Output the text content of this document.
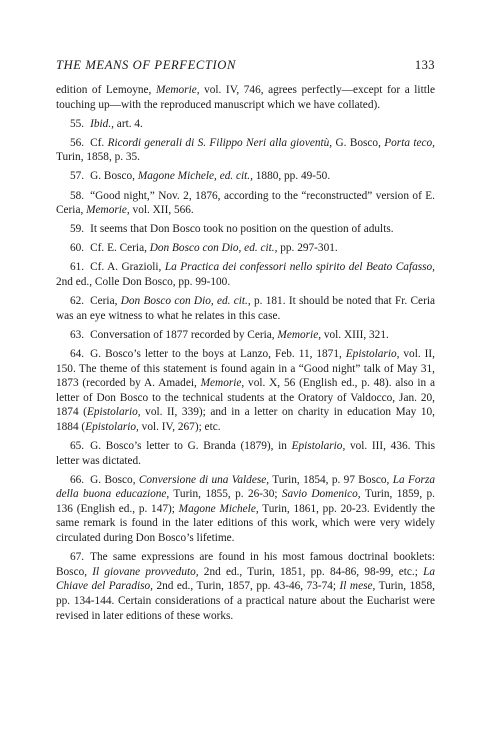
THE MEANS OF PERFECTION	133

edition of Lemoyne, Memorie, vol. IV, 746, agrees perfectly—except for a little touching up—with the reproduced manuscript which we have collated).

55. Ibid., art. 4.

56. Cf. Ricordi generali di S. Filippo Neri alla gioventù, G. Bosco, Porta teco, Turin, 1858, p. 35.

57. G. Bosco, Magone Michele, ed. cit., 1880, pp. 49-50.

58. “Good night,” Nov. 2, 1876, according to the “reconstructed” version of E. Ceria, Memorie, vol. XII, 566.

59. It seems that Don Bosco took no position on the question of adults.

60. Cf. E. Ceria, Don Bosco con Dio, ed. cit., pp. 297-301.

61. Cf. A. Grazioli, La Practica dei confessori nello spirito del Beato Cafasso, 2nd ed., Colle Don Bosco, pp. 99-100.

62. Ceria, Don Bosco con Dio, ed. cit., p. 181. It should be noted that Fr. Ceria was an eye witness to what he relates in this case.

63. Conversation of 1877 recorded by Ceria, Memorie, vol. XIII, 321.

64. G. Bosco’s letter to the boys at Lanzo, Feb. 11, 1871, Epistolario, vol. II, 150. The theme of this statement is found again in a “Good night” talk of May 31, 1873 (recorded by A. Amadei, Memorie, vol. X, 56 (English ed., p. 48). also in a letter of Don Bosco to the technical students at the Oratory of Valdocco, Jan. 20, 1874 (Epistolario, vol. II, 339); and in a letter on charity in education May 10, 1884 (Epistolario, vol. IV, 267); etc.

65. G. Bosco’s letter to G. Branda (1879), in Epistolario, vol. III, 436. This letter was dictated.

66. G. Bosco, Conversione di una Valdese, Turin, 1854, p. 97 Bosco, La Forza della buona educazione, Turin, 1855, p. 26-30; Savio Domenico, Turin, 1859, p. 136 (English ed., p. 147); Magone Michele, Turin, 1861, pp. 20-23. Evidently the same remark is found in the later editions of this work, which were very widely circulated during Don Bosco’s lifetime.

67. The same expressions are found in his most famous doctrinal booklets: Bosco, Il giovane provveduto, 2nd ed., Turin, 1851, pp. 84-86, 98-99, etc.; La Chiave del Paradiso, 2nd ed., Turin, 1857, pp. 43-46, 73-74; Il mese, Turin, 1858, pp. 134-144. Certain considerations of a practical nature about the Eucharist were revised in later editions of these works.
